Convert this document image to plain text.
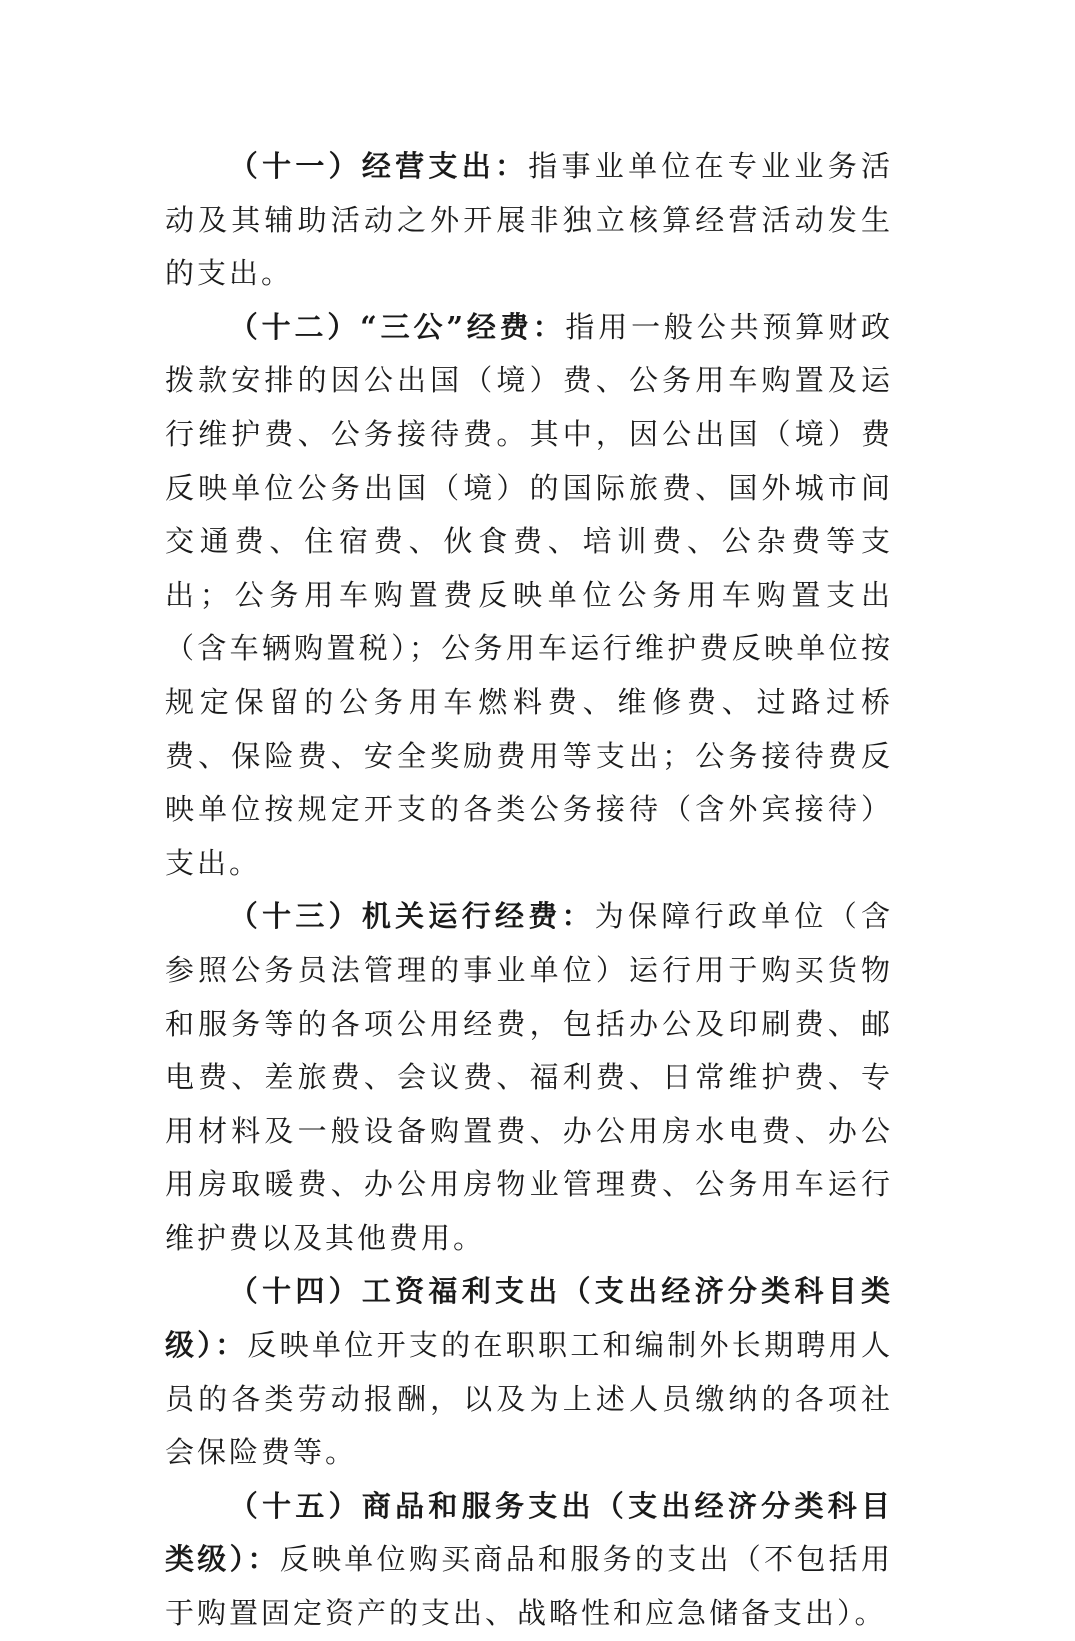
（十一）经营支出：指事业单位在专业业务活动及其辅助活动之外开展非独立核算经营活动发生的支出。

（十二）“三公”经费：指用一般公共预算财政拨款安排的因公出国（境）费、公务用车购置及运行维护费、公务接待费。其中，因公出国（境）费反映单位公务出国（境）的国际旅费、国外城市间交通费、住宿费、伙食费、培训费、公杂费等支出；公务用车购置费反映单位公务用车购置支出（含车辆购置税）；公务用车运行维护费反映单位按规定保留的公务用车燃料费、维修费、过路过桥费、保险费、安全奖励费用等支出；公务接待费反映单位按规定开支的各类公务接待（含外宾接待）支出。

（十三）机关运行经费：为保障行政单位（含参照公务员法管理的事业单位）运行用于购买货物和服务等的各项公用经费，包括办公及印刷费、邮电费、差旅费、会议费、福利费、日常维护费、专用材料及一般设备购置费、办公用房水电费、办公用房取暖费、办公用房物业管理费、公务用车运行维护费以及其他费用。

（十四）工资福利支出（支出经济分类科目类级）：反映单位开支的在职职工和编制外长期聘用人员的各类劳动报酬，以及为上述人员缴纳的各项社会保险费等。

（十五）商品和服务支出（支出经济分类科目类级）：反映单位购买商品和服务的支出（不包括用于购置固定资产的支出、战略性和应急储备支出）。
